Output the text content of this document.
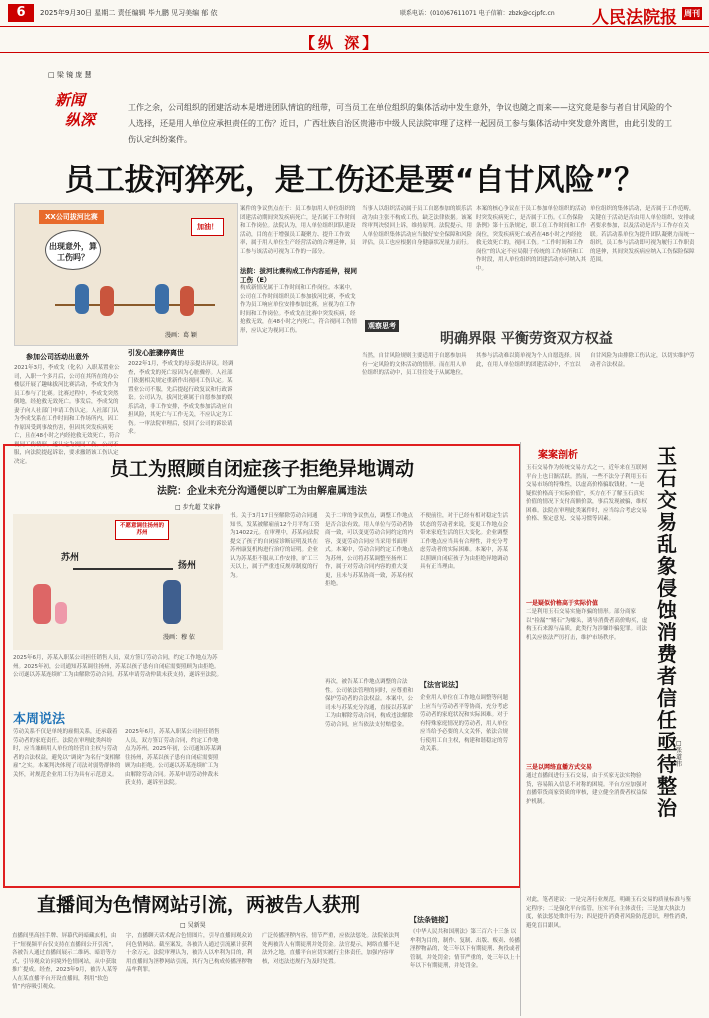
6	2025年9月30日 星期二 责任编辑 毕九鹏 见习美编 郁 依	联系电话：(010)67611071 电子信箱：zbzk@ccjpfc.cn 人民法院报 周刊
【纵 深】
□ 梁 镜 庞 慧
新闻
纵深
工作之余，公司组织的团建活动本是增进团队情谊的纽带，可当员工在单位组织的集体活动中发生意外，争议也随之而来——这究竟是参与者自甘风险的个人选择，还是用人单位应承担责任的工伤？近日，广西壮族自治区贵港市中级人民法院审理了这样一起因员工参与集体活动中突发意外离世，由此引发的工伤认定纠纷案件。
员工拔河猝死，是工伤还是要“自甘风险”？
XX公司拔河比赛
出现意外，算工伤吗？
加油！
漫画：葛 颖
参加公司活动出意外
2021年3月，李成戈（化名）入职某置业公司，入职一个多月后，公司在其所在的办公楼层开展了趣味拔河比赛活动，李成戈作为员工参与了比赛。比赛过程中，李成戈突然倒地，经抢救无效死亡。事发后，李成戈的妻子向人社部门申请工伤认定。人社部门认为李成戈系在工作时间和工作场所内，因工作原因受到事故伤害，但因其突发疾病死亡，且在48小时之内经抢救无效死亡，符合视同工伤情形，遂认定为视同工伤。公司不服，向法院提起诉讼，要求撤销该工伤认定决定。
引发心脏骤停离世
2022年1月，李成戈的母亲提出异议。经调查，李成戈的死亡原因为心脏骤停。人社部门依据相关规定重新作出视同工伤认定。某置业公司不服，先后提起行政复议和行政诉讼。公司认为，拔河比赛属于自愿参加的娱乐活动，非工作安排，李成戈参加活动应自担风险，其死亡与工作无关，不应认定为工伤。一审法院审理后，驳回了公司的诉讼请求。
案件的争议焦点在于：员工参加用人单位组织的团建活动期间突发疾病死亡，是否属于工作时间和工作岗位。法院认为，用人单位组织团队建设活动，目的在于增强员工凝聚力、提升工作效率，属于用人单位生产经营活动的合理延伸，员工参与该活动可视为工作的一部分。
法院：拔河比赛构成工作内容延伸，视同工伤（E）
构成新情况属于工作时间和工作岗位。本案中，公司在工作时间组织员工参加拔河比赛，李成戈作为员工响应单位安排参加比赛，应视为在工作时间和工作岗位。李成戈在比赛中突发疾病，经抢救无效，在48小时之内死亡，符合视同工伤情形，应认定为视同工伤。
当事人以组织活动属于员工自愿参加的娱乐活动为由主张不构成工伤，缺乏法律依据。该案终审判决驳回上诉，维持原判。法院提示，用人单位组织集体活动应当做好安全保障和风险评估，员工也应根据自身健康状况量力而行。
观察思考
明确界限 平衡劳资双方权益
本案的核心争议在于员工参加单位组织的活动时突发疾病死亡，是否属于工伤。《工伤保险条例》第十五条规定，职工在工作时间和工作岗位，突发疾病死亡或者在48小时之内经抢救无效死亡的，视同工伤。“工作时间和工作岗位”的认定不应局限于传统的工作场所和工作时段，用人单位组织的团建活动亦可纳入其中。
单位组织的集体活动，是否属于工作范畴，关键在于活动是否由用人单位组织、安排或者要求参加，以及活动是否与工作存在关联。若活动系单位为提升团队凝聚力而统一组织，员工参与活动即可视为履行工作职责的延伸，其间突发疾病应纳入工伤保险保障范围。
当然，自甘风险规则主要适用于自愿参加具有一定风险的文体活动的情形。而在用人单位组织的活动中，员工往往处于从属地位，其参与活动难以简单视为个人自愿选择。因此，在用人单位组织的团建活动中，不宜以自甘风险为由排除工伤认定，以切实维护劳动者合法权益。
员工为照顾自闭症孩子拒绝异地调动
法院：企业未充分沟通便以旷工为由解雇属违法
□ 步允超 艾家静
不愿意调往扬州的苏州
苏州
扬州
漫画：穆 依
2025年6月，苏某入职某公司担任销售人员，双方签订劳动合同，约定工作地点为苏州。2025年初，公司通知苏某调往扬州，苏某以孩子患有自闭症需要照顾为由拒绝。公司遂以苏某连续旷工为由解除劳动合同。苏某申请劳动仲裁未获支持，遂诉至法院。
本周说法
劳动关系不仅是单纯的雇佣关系，还承载着劳动者的家庭责任。法院在审理此类纠纷时，应当兼顾用人单位的经营自主权与劳动者的合法权益，避免以“调岗”为名行“变相解雇”之实。本案判决体现了司法对弱势群体的关怀，对规范企业用工行为具有示范意义。
2025年6月，苏某入职某公司担任销售人员，双方签订劳动合同，约定工作地点为苏州。2025年初，公司通知苏某调往扬州，苏某以孩子患有自闭症需要照顾为由拒绝。公司遂以苏某连续旷工为由解除劳动合同。苏某申请劳动仲裁未获支持，遂诉至法院。
书。关于3月17日至解除劳动合同通知书，发某被解雇前12个月平均工资为14022元。在审理中，苏某向法院提交了孩子的自闭症诊断证明及其在苏州康复机构进行治疗的证明。企业认为苏某拒不服从工作安排，旷工三天以上，属于严重违反规章制度的行为。
关于二审的争议焦点，调整工作地点是否合法有效。用人单位与劳动者协商一致，可以变更劳动合同约定的内容，变更劳动合同应当采用书面形式。本案中，劳动合同约定工作地点为苏州，公司将苏某调整至扬州工作，属于对劳动合同内容的重大变更，且未与苏某协商一致，苏某有权拒绝。
再次，被告某工作地点调整的合法性。公司依法管理的同时，应尊重和保护劳动者的合法权益。本案中，公司未与苏某充分沟通，直接以苏某旷工为由解除劳动合同，构成违法解除劳动合同，应当依法支付赔偿金。
不便前往，对于已经有相对稳定生活状态的劳动者来说，变更工作地点会带来家庭生活的巨大变化。企业调整工作地点应当具有合理性，并充分考虑劳动者的实际困难。本案中，苏某以照顾自闭症孩子为由拒绝异地调动具有正当理由。
【法官说法】
企业用人单位在工作地点调整等问题上应当与劳动者平等协商，充分考虑劳动者的家庭状况和实际困难。对于有特殊家庭情况的劳动者，用人单位应当给予必要的人文关怀，依法合规行使用工自主权，构建和谐稳定的劳动关系。
直播间为色情网站引流，两被告人获刑
□ 吴新昊
直播间里高挂手牌、屏幕代码暗藏玄机，由于“短视频平台仅支持在直播间公开引流”，各被告人通过直播间展示二维码、暗语等方式，引导观众访问境外色情网站，从中获取推广提成。经查，2023年9月，被告人某等人在某直播平台开设直播间，利用“软色情”内容吸引观众。
字，直播聊天话术配合色情图片，引导直播间观众访问色情网站。截至案发，各被告人通过引流累计获利十余万元。法院审理认为，被告人以牟利为目的，利用直播间为淫秽网站引流，其行为已构成传播淫秽物品牟利罪。
广泛传播淫秽内容，情节严重，应依法惩处。法院依法判处两被告人有期徒刑并处罚金。法官提示，网络直播不是法外之地，直播平台应切实履行主体责任，加强内容审核，对违法违规行为及时处置。
【法条链接】
《中华人民共和国刑法》第三百六十三条 以牟利为目的，制作、复制、出版、贩卖、传播淫秽物品的，处三年以下有期徒刑、拘役或者管制，并处罚金；情节严重的，处三年以上十年以下有期徒刑，并处罚金。
案案剖析
玉石交易作为传统交易方式之一，近年来在互联网平台上也日渐活跃。然而，一些不法分子利用玉石交易市场的特殊性，以虚高价格骗取钱财。“一是疑似价格高于实际价值”，买方在不了解玉石真实价值的情况下支付高额价款，事后发现被骗，维权困难。法院在审理此类案件时，应当综合考虑交易价格、鉴定意见、交易习惯等因素。
一是疑似价格高于实际价值
二是利用玉石交易实施诈骗的情形。部分商家以“捡漏”“赌石”为噱头，诱导消费者高价购买，虚构玉石来源与品质，此类行为涉嫌诈骗犯罪。司法机关应依法严厉打击，维护市场秩序。
三是以网络直播方式交易
通过直播间进行玉石交易，由于买家无法实物验货，容易陷入信息不对称的困境。平台方应加强对直播带货商家资质的审核，建立健全消费者权益保护机制。
对此，笔者建议：一是完善行业规范，明确玉石交易的质量标准与鉴定程序；二是强化平台监管，压实平台主体责任；三是加大执法力度，依法惩处欺诈行为；四是提升消费者风险防范意识，理性消费，避免盲目跟风。
玉石交易乱象侵蚀消费者信任亟待整治
□ 张道伟
